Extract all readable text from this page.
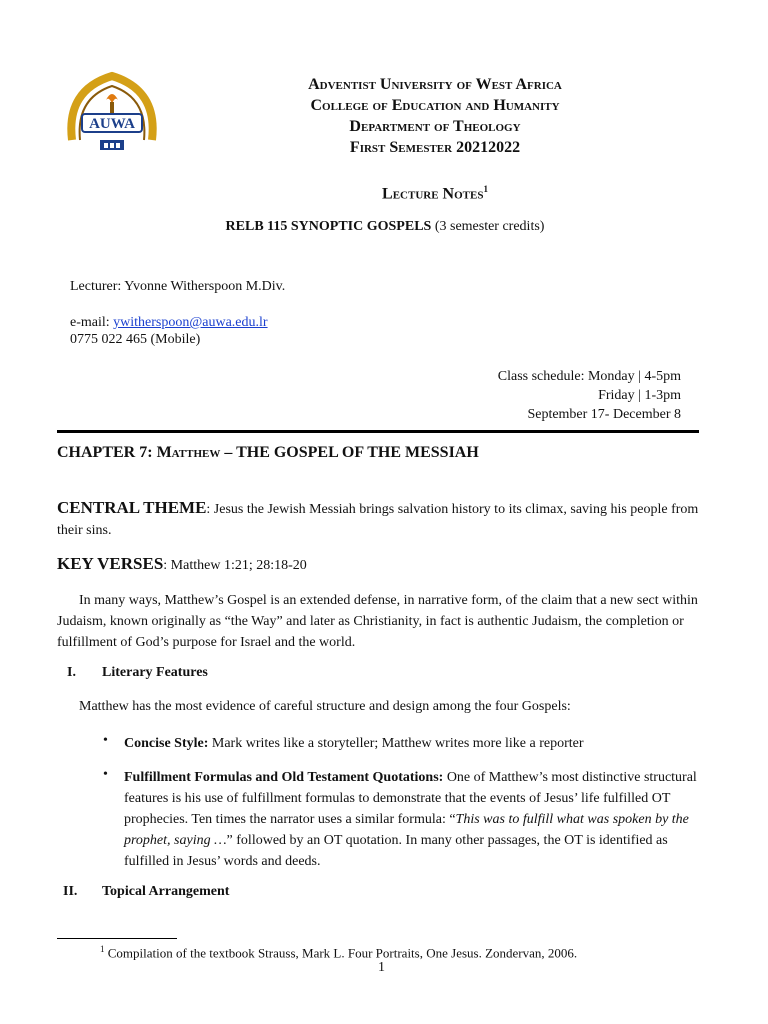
AUWA
Adventist University of West Africa
College of Education and Humanity
Department of Theology
First Semester 20212022
Lecture Notes$^1$
RELB 115 SYNOPTIC GOSPELS (3 semester credits)
Lecturer: Yvonne Witherspoon M.Div.
e-mail: ywitherspoon@auwa.edu.lr
0775 022 465 (Mobile)
Class schedule: Monday | 4-5pm
Friday | 1-3pm
September 17- December 8
CHAPTER 7: Matthew – THE GOSPEL OF THE MESSIAH
CENTRAL THEME: Jesus the Jewish Messiah brings salvation history to its climax, saving his people from their sins.
KEY VERSES: Matthew 1:21; 28:18-20
In many ways, Matthew’s Gospel is an extended defense, in narrative form, of the claim that a new sect within Judaism, known originally as “the Way” and later as Christianity, in fact is authentic Judaism, the completion or fulfillment of God’s purpose for Israel and the world.
I. Literary Features
Matthew has the most evidence of careful structure and design among the four Gospels:
• Concise Style: Mark writes like a storyteller; Matthew writes more like a reporter
• Fulfillment Formulas and Old Testament Quotations: One of Matthew’s most distinctive structural features is his use of fulfillment formulas to demonstrate that the events of Jesus’ life fulfilled OT prophecies. Ten times the narrator uses a similar formula: “This was to fulfill what was spoken by the prophet, saying …” followed by an OT quotation. In many other passages, the OT is identified as fulfilled in Jesus’ words and deeds.
II. Topical Arrangement
$^1$ Compilation of the textbook Strauss, Mark L. Four Portraits, One Jesus. Zondervan, 2006.
1
